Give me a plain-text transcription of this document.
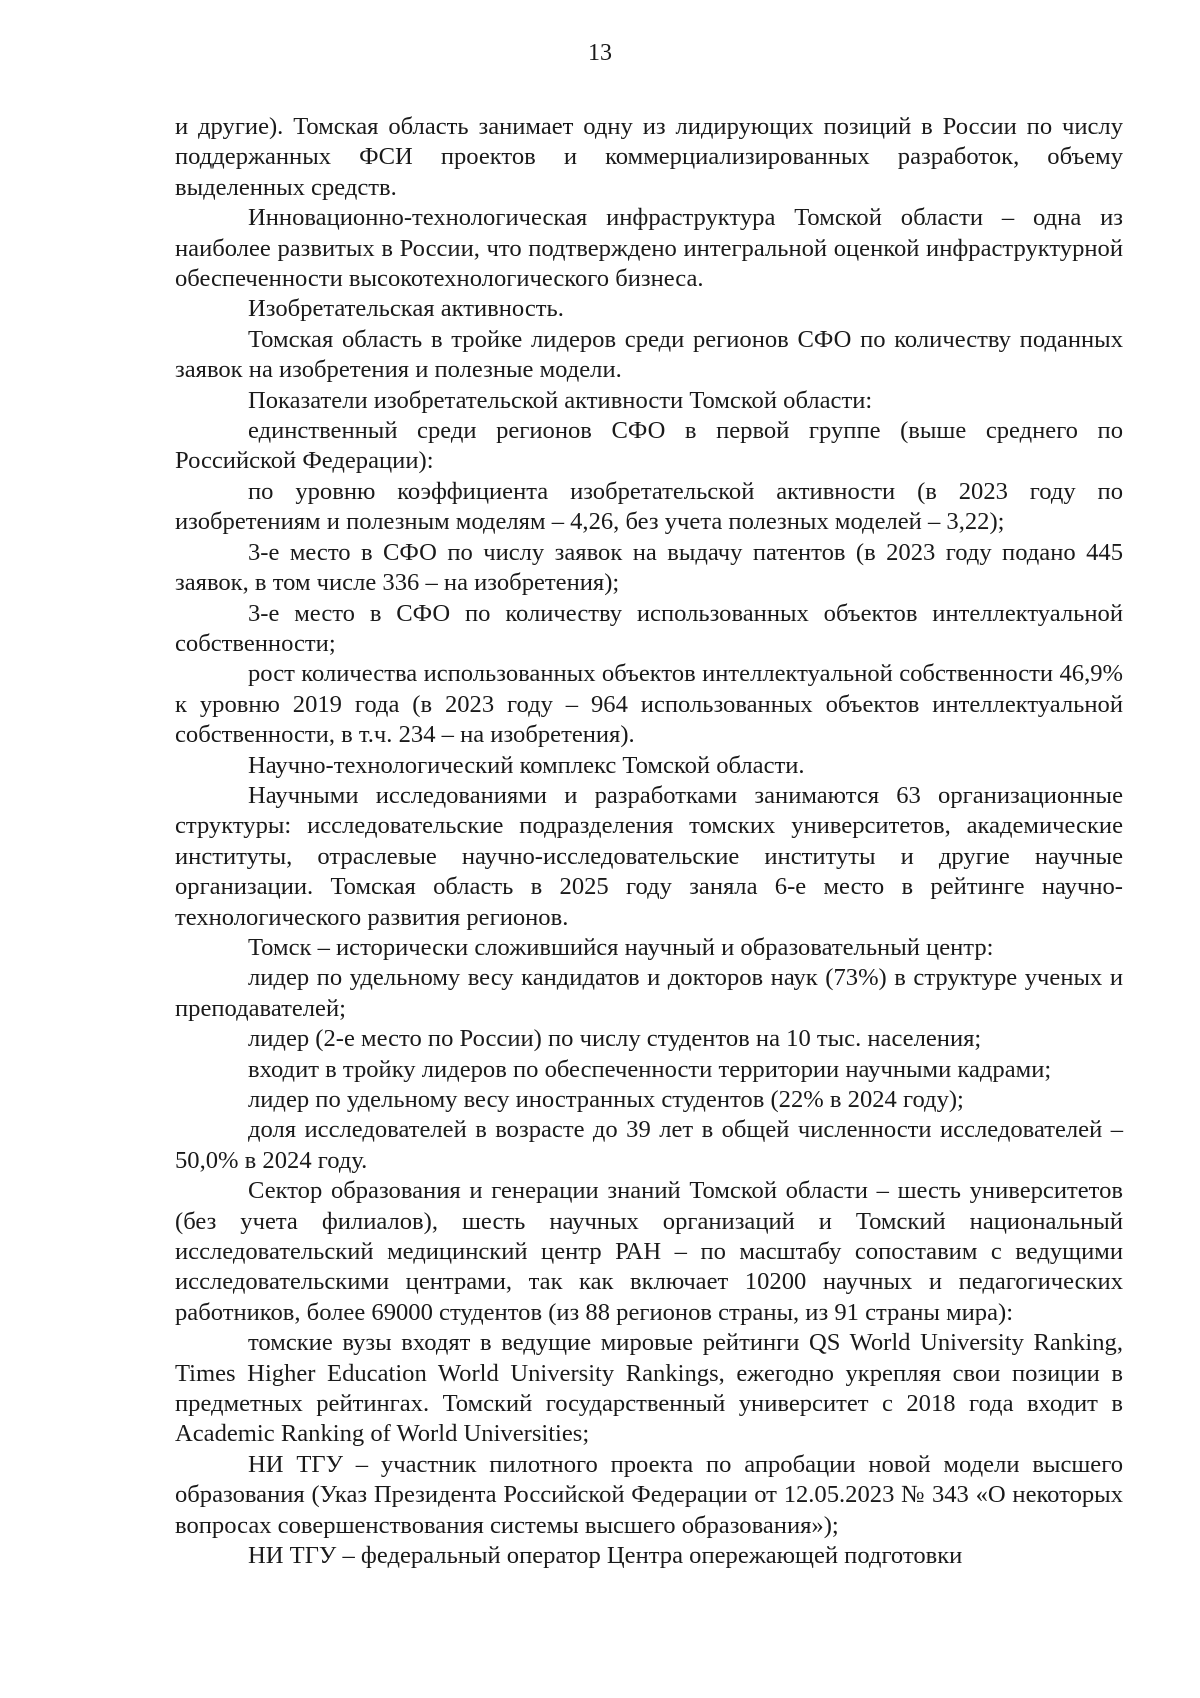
13

и другие). Томская область занимает одну из лидирующих позиций в России по числу поддержанных ФСИ проектов и коммерциализированных разработок, объему выделенных средств.

Инновационно-технологическая инфраструктура Томской области – одна из наиболее развитых в России, что подтверждено интегральной оценкой инфраструктурной обеспеченности высокотехнологического бизнеса.

Изобретательская активность.

Томская область в тройке лидеров среди регионов СФО по количеству поданных заявок на изобретения и полезные модели.

Показатели изобретательской активности Томской области:

единственный среди регионов СФО в первой группе (выше среднего по Российской Федерации):

по уровню коэффициента изобретательской активности (в 2023 году по изобретениям и полезным моделям – 4,26, без учета полезных моделей – 3,22);

3-е место в СФО по числу заявок на выдачу патентов (в 2023 году подано 445 заявок, в том числе 336 – на изобретения);

3-е место в СФО по количеству использованных объектов интеллектуальной собственности;

рост количества использованных объектов интеллектуальной собственности 46,9% к уровню 2019 года (в 2023 году – 964 использованных объектов интеллектуальной собственности, в т.ч. 234 – на изобретения).

Научно-технологический комплекс Томской области.

Научными исследованиями и разработками занимаются 63 организационные структуры: исследовательские подразделения томских университетов, академические институты, отраслевые научно-исследовательские институты и другие научные организации. Томская область в 2025 году заняла 6-е место в рейтинге научно-технологического развития регионов.

Томск – исторически сложившийся научный и образовательный центр:

лидер по удельному весу кандидатов и докторов наук (73%) в структуре ученых и преподавателей;

лидер (2-е место по России) по числу студентов на 10 тыс. населения;

входит в тройку лидеров по обеспеченности территории научными кадрами;

лидер по удельному весу иностранных студентов (22% в 2024 году);

доля исследователей в возрасте до 39 лет в общей численности исследователей – 50,0% в 2024 году.

Сектор образования и генерации знаний Томской области – шесть университетов (без учета филиалов), шесть научных организаций и Томский национальный исследовательский медицинский центр РАН – по масштабу сопоставим с ведущими исследовательскими центрами, так как включает 10200 научных и педагогических работников, более 69000 студентов (из 88 регионов страны, из 91 страны мира):

томские вузы входят в ведущие мировые рейтинги QS World University Ranking, Times Higher Education World University Rankings, ежегодно укрепляя свои позиции в предметных рейтингах. Томский государственный университет с 2018 года входит в Academic Ranking of World Universities;

НИ ТГУ – участник пилотного проекта по апробации новой модели высшего образования (Указ Президента Российской Федерации от 12.05.2023 № 343 «О некоторых вопросах совершенствования системы высшего образования»);

НИ ТГУ – федеральный оператор Центра опережающей подготовки
